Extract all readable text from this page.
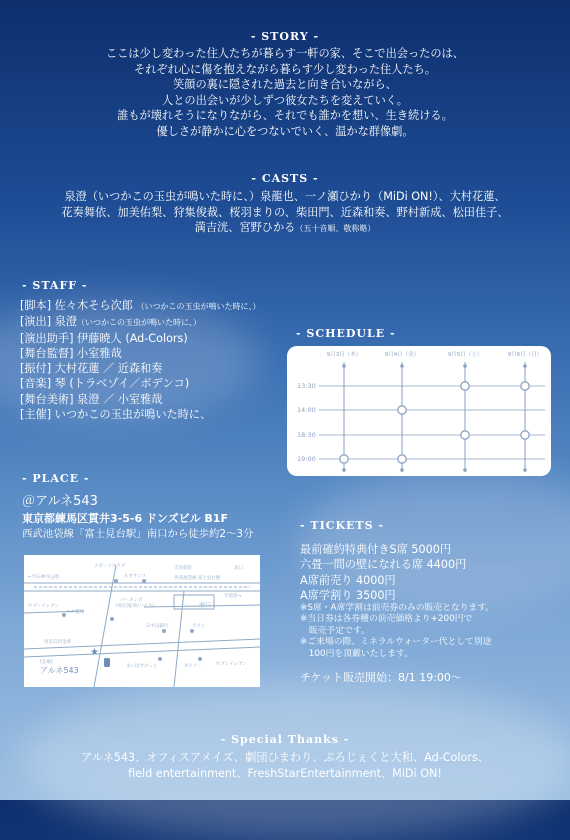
- STORY -
ここは少し変わった住人たちが暮らす一軒の家、そこで出会ったのは、
それぞれ心に傷を抱えながら暮らす少し変わった住人たち。
笑顔の裏に隠された過去と向き合いながら、
人との出会いが少しずつ彼女たちを変えていく。
誰もが壊れそうになりながら、それでも誰かを想い、生き続ける。
優しさが静かに心をつないでいく、温かな群像劇。
- CASTS -
泉澄（いつかこの玉虫が鳴いた時に、）泉龍也、一ノ瀬ひかり（MiDi ON!）、大村花蓮、
花奏舞依、加美佑梨、狩集俊裁、桜羽まりの、柴田門、近森和奏、野村新成、松田佳子、
満吉洸、宮野ひかる（五十音順、敬称略）
- STAFF -
[脚本] 佐々木そら次郎 （いつかこの玉虫が鳴いた時に、）
[演出] 泉澄（いつかこの玉虫が鳴いた時に、）
[演出助手] 伊藤暁人 (Ad-Colors)
[舞台監督] 小室雅哉
[振付] 大村花蓮 ／ 近森和奏
[音楽] 琴 (トラベゾイ／ボデンコ)
[舞台美術] 泉澄 ／ 小室雅哉
[主催] いつかこの玉虫が鳴いた時に、
- SCHEDULE -
9月3日（木）	9月4日（金）	9月5日（土）	9月6日（日）
13:30
14:00
18:30
19:00
- PLACE -
＠アルネ543
東京都練馬区貫井3-5-6 ドンズビル B1F
西武池袋線「富士見台駅」南口から徒歩約2〜3分
スポーツクラブ
ルキサンス
吉祥前院	北口
西武池袋線 富士見台駅
←至石神井公園
至池袋→
パーキング
(車/自転車/バイク)
セブンイレブン
スギ薬局
みずほ銀行	ラスト
西京信用金庫
[会場]
まいばすけっと	ダイソー	セブンイレブン
南口
アルネ543
★
- TICKETS -
最前確約特典付きS席 5000円
六畳一間の壁になれる席 4400円
A席前売り 4000円
A席学割り 3500円
※S席・A席学割は前売券のみの販売となります。
※当日券は各券種の前売価格より+200円で
　販売予定です。
※ご来場の際、ミネラルウォーター代として別途
　100円を頂戴いたします。
チケット販売開始：8/1 19:00〜
- Special Thanks -
アルネ543、オフィスアメイズ、劇団ひまわり、ぷろじぇくと大和、Ad-Colors、
field entertainment、FreshStarEntertainment、MiDi ON!
